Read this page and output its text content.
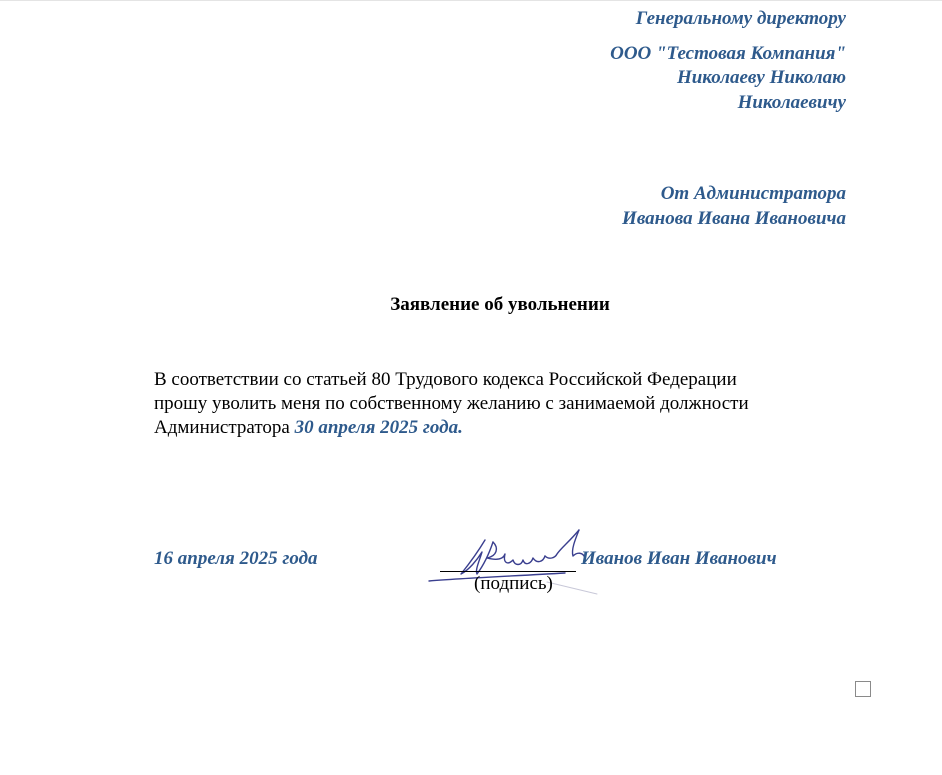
Генеральному директору
ООО "Тестовая Компания"
Николаеву Николаю
Николаевичу
От Администратора
Иванова Ивана Ивановича
Заявление об увольнении
В соответствии со статьей 80 Трудового кодекса Российской Федерации
прошу уволить меня по собственному желанию с занимаемой должности
Администратора 30 апреля 2025 года.
16 апреля 2025 года
(подпись)
Иванов Иван Иванович
